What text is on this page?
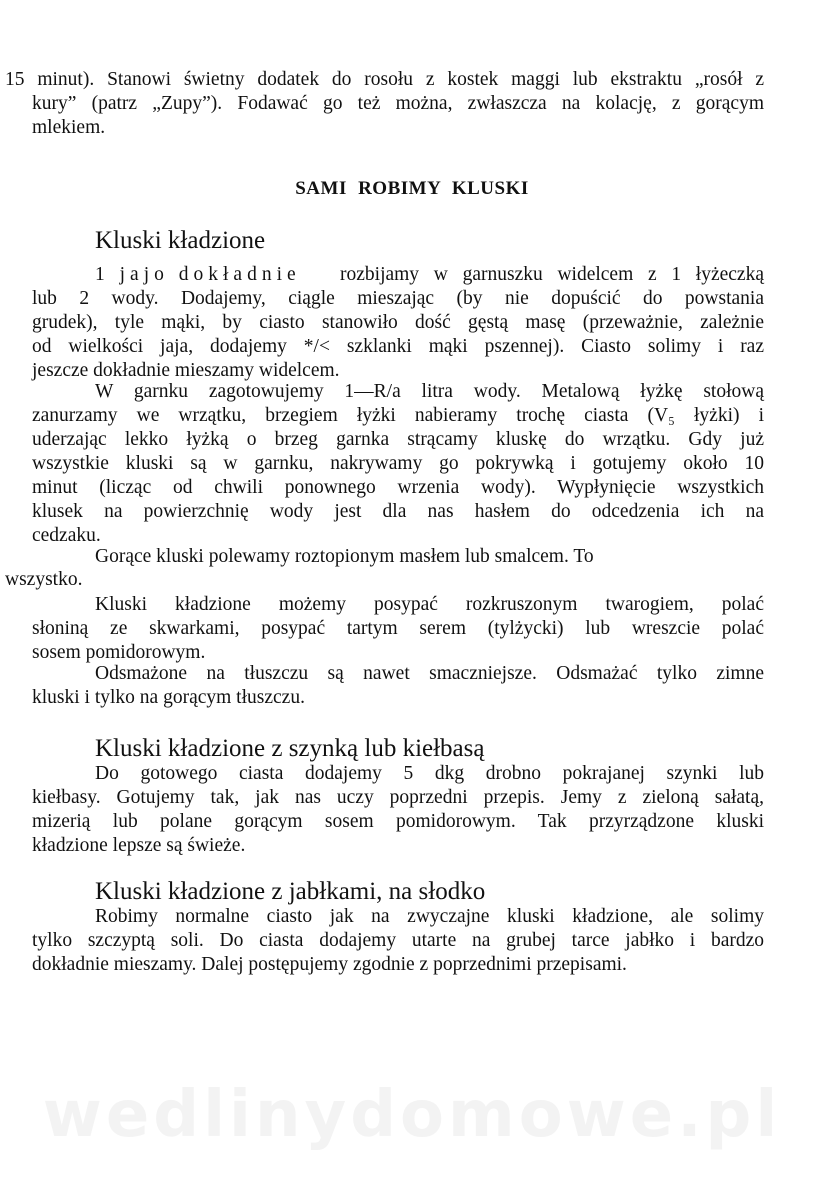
15 minut). Stanowi świetny dodatek do rosołu z kostek maggi lub ekstraktu „rosół z
kury” (patrz „Zupy”). Fodawać go też można, zwłaszcza na kolację, z gorącym
mlekiem.
SAMI ROBIMY KLUSKI
Kluski kładzione
1 jajo dokładnie rozbijamy w garnuszku widelcem z 1 łyżeczką
lub 2 wody. Dodajemy, ciągle mieszając (by nie dopuścić do powstania
grudek), tyle mąki, by ciasto stanowiło dość gęstą masę (przeważnie, zależnie
od wielkości jaja, dodajemy */< szklanki mąki pszennej). Ciasto solimy i raz
jeszcze dokładnie mieszamy widelcem.
W garnku zagotowujemy 1—R/a litra wody. Metalową łyżkę stołową
zanurzamy we wrzątku, brzegiem łyżki nabieramy trochę ciasta (V₅ łyżki) i
uderzając lekko łyżką o brzeg garnka strącamy kluskę do wrzątku. Gdy już
wszystkie kluski są w garnku, nakrywamy go pokrywką i gotujemy około 10
minut (licząc od chwili ponownego wrzenia wody). Wypłynięcie wszystkich
klusek na powierzchnię wody jest dla nas hasłem do odcedzenia ich na
cedzaku.
Gorące kluski polewamy roztopionym masłem lub smalcem. To
wszystko.
Kluski kładzione możemy posypać rozkruszonym twarogiem, polać
słoniną ze skwarkami, posypać tartym serem (tylżycki) lub wreszcie polać
sosem pomidorowym.
Odsmażone na tłuszczu są nawet smaczniejsze. Odsmażać tylko zimne
kluski i tylko na gorącym tłuszczu.
Kluski kładzione z szynką lub kiełbasą
Do gotowego ciasta dodajemy 5 dkg drobno pokrajanej szynki lub
kiełbasy. Gotujemy tak, jak nas uczy poprzedni przepis. Jemy z zieloną sałatą,
mizerią lub polane gorącym sosem pomidorowym. Tak przyrządzone kluski
kładzione lepsze są świeże.
Kluski kładzione z jabłkami, na słodko
Robimy normalne ciasto jak na zwyczajne kluski kładzione, ale solimy
tylko szczyptą soli. Do ciasta dodajemy utarte na grubej tarce jabłko i bardzo
dokładnie mieszamy. Dalej postępujemy zgodnie z poprzednimi przepisami.
wedlinydomowe.pl
